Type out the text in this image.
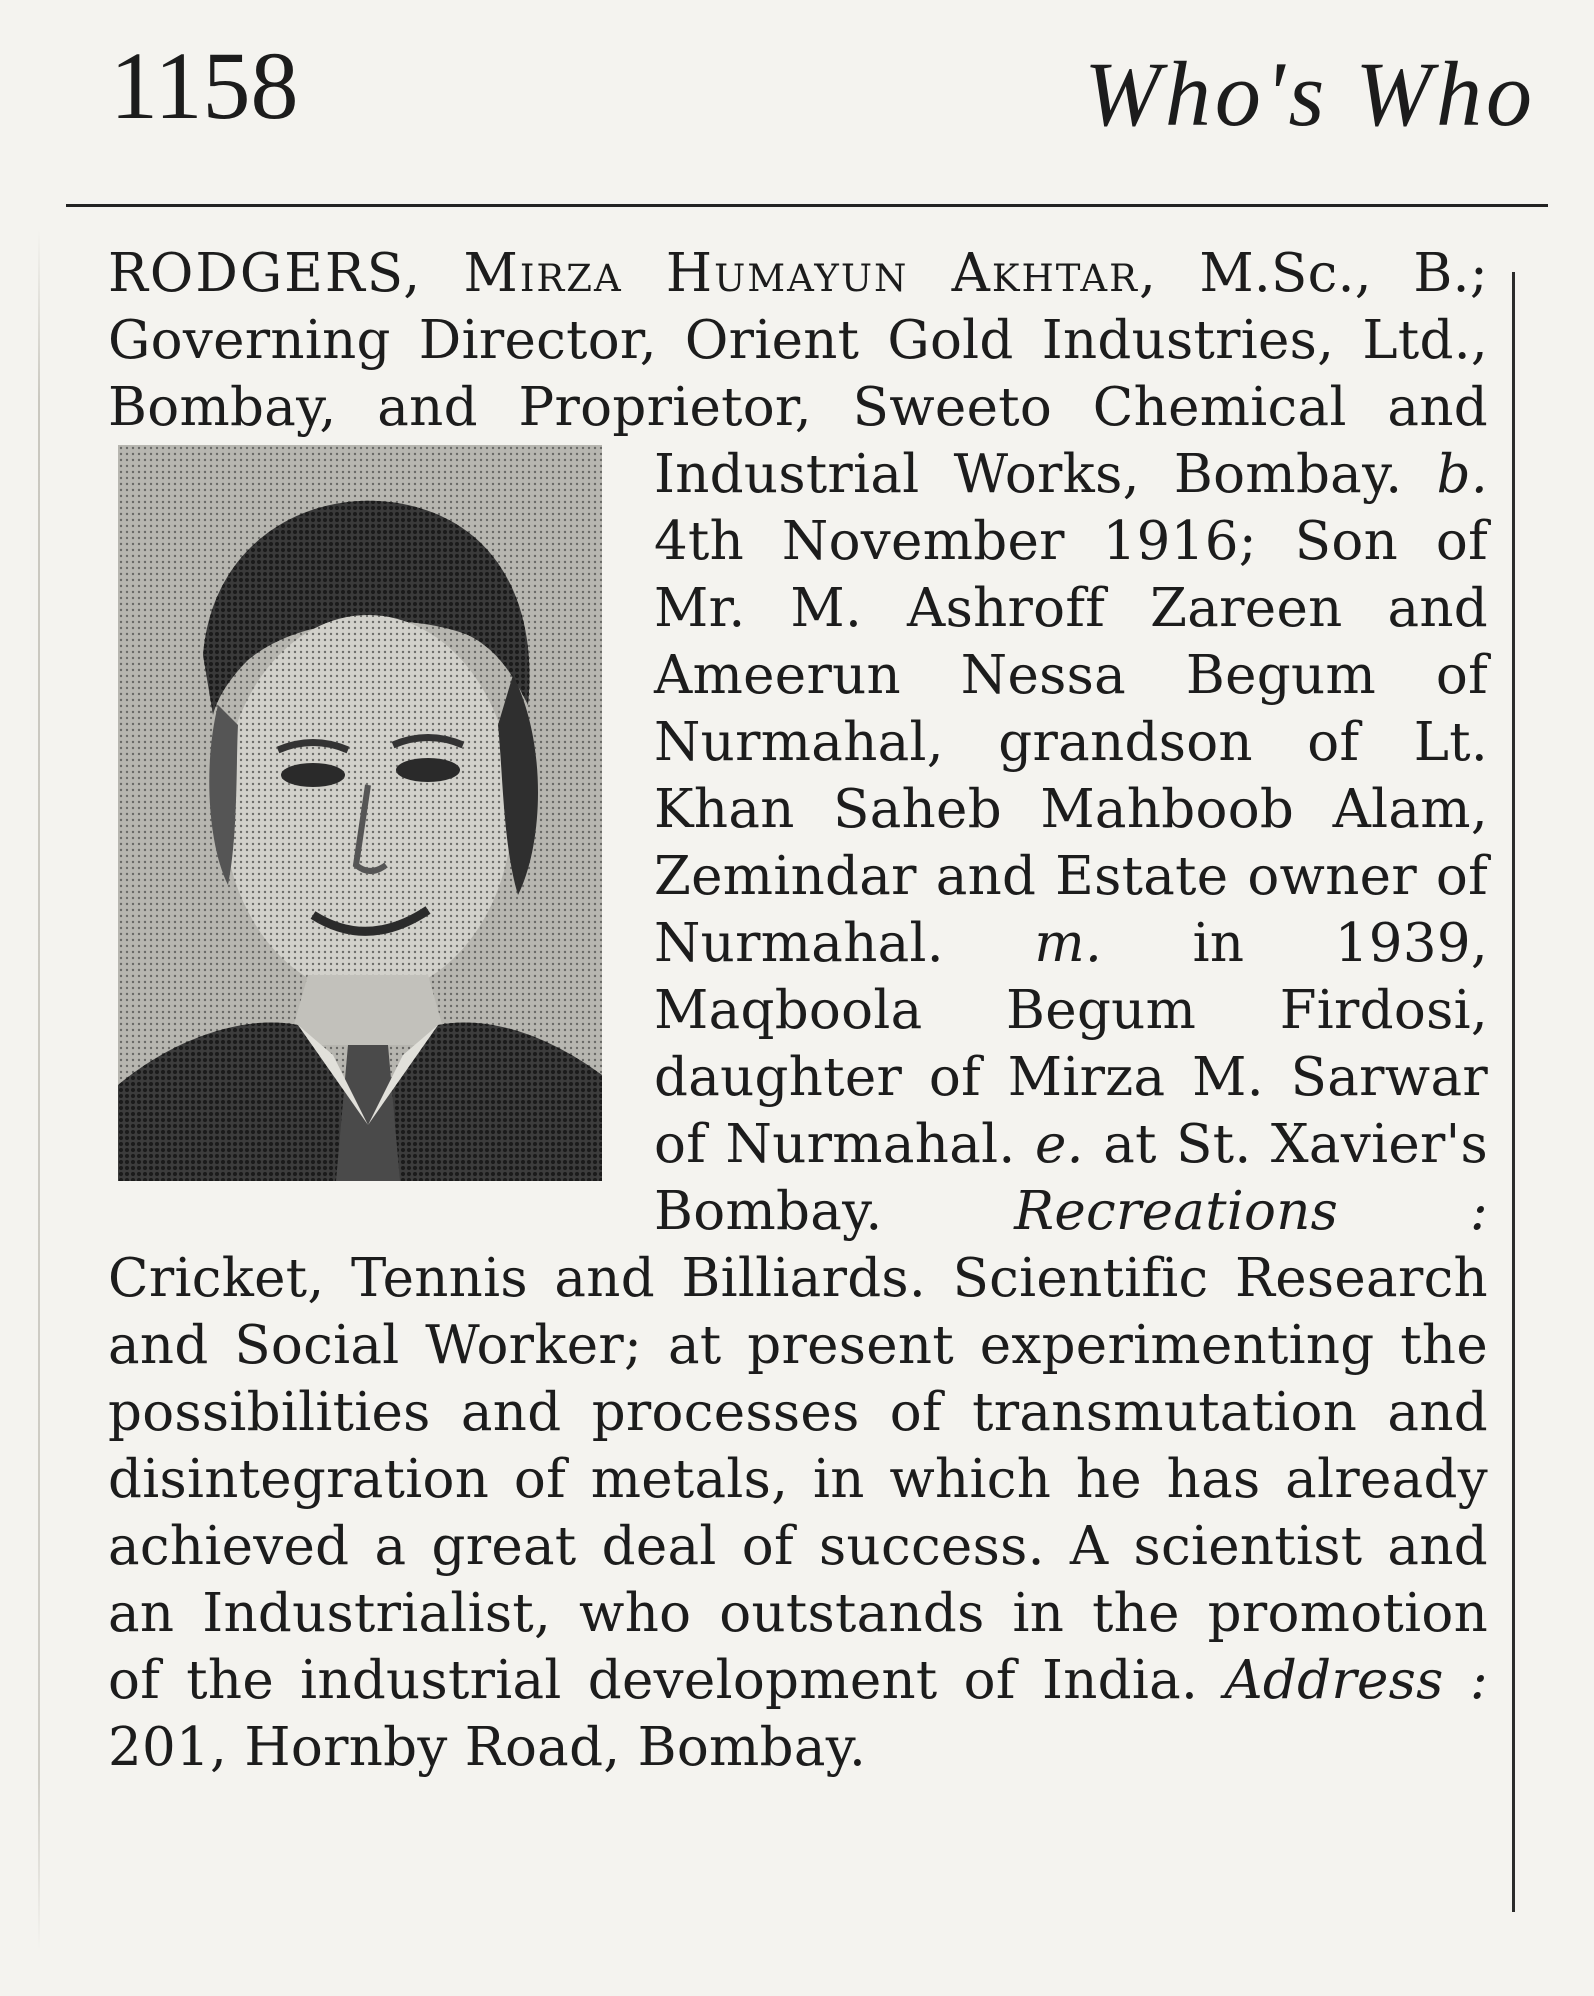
1158	Who's Who
RODGERS, Mirza Humayun Akhtar, M.Sc., B.; Governing Director, Orient Gold Industries, Ltd., Bombay, and Proprietor, Sweeto Chemical and Industrial Works, Bombay. b.
4th November 1916; Son of Mr. M. Ashroff Zareen and Ameerun Nessa Begum of Nurmahal, grandson of Lt. Khan Saheb Mahboob Alam, Zemindar and Estate owner of Nurmahal. m. in 1939, Maqboola Begum Firdosi, daughter of Mirza M. Sarwar of Nurmahal. e. at St. Xavier's Bombay. Recreations : Cricket, Tennis and Billiards. Scientific Research and Social Worker; at present experimenting the possibilities and processes of transmutation and disintegration of metals, in which he has already achieved a great deal of success. A scientist and an Industrialist, who outstands in the promotion of the industrial development of India. Address : 201, Hornby Road, Bombay.
